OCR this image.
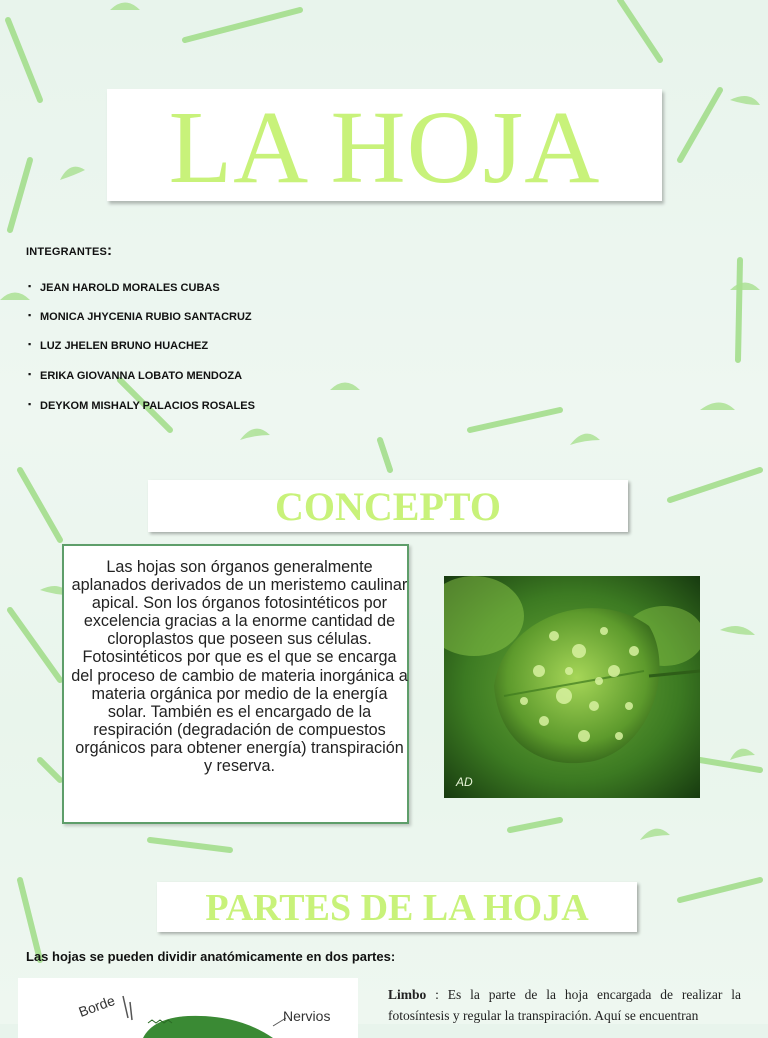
LA HOJA
INTEGRANTES:
▪ JEAN HAROLD MORALES CUBAS
▪ MONICA JHYCENIA RUBIO SANTACRUZ
▪ LUZ JHELEN BRUNO HUACHEZ
▪ ERIKA GIOVANNA LOBATO MENDOZA
▪ DEYKOM MISHALY PALACIOS ROSALES
CONCEPTO
Las hojas son órganos generalmente aplanados derivados de un meristemo caulinar apical. Son los órganos fotosintéticos por excelencia gracias a la enorme cantidad de cloroplastos que poseen sus células. Fotosintéticos por que es el que se encarga del proceso de cambio de materia inorgánica a materia orgánica por medio de la energía solar. También es el encargado de la respiración (degradación de compuestos orgánicos para obtener energía) transpiración y reserva.
AD
PARTES DE LA HOJA
Las hojas se pueden dividir anatómicamente en dos partes:
Borde	Nervios
Limbo : Es la parte de la hoja encargada de realizar la fotosíntesis y regular la transpiración. Aquí se encuentran
